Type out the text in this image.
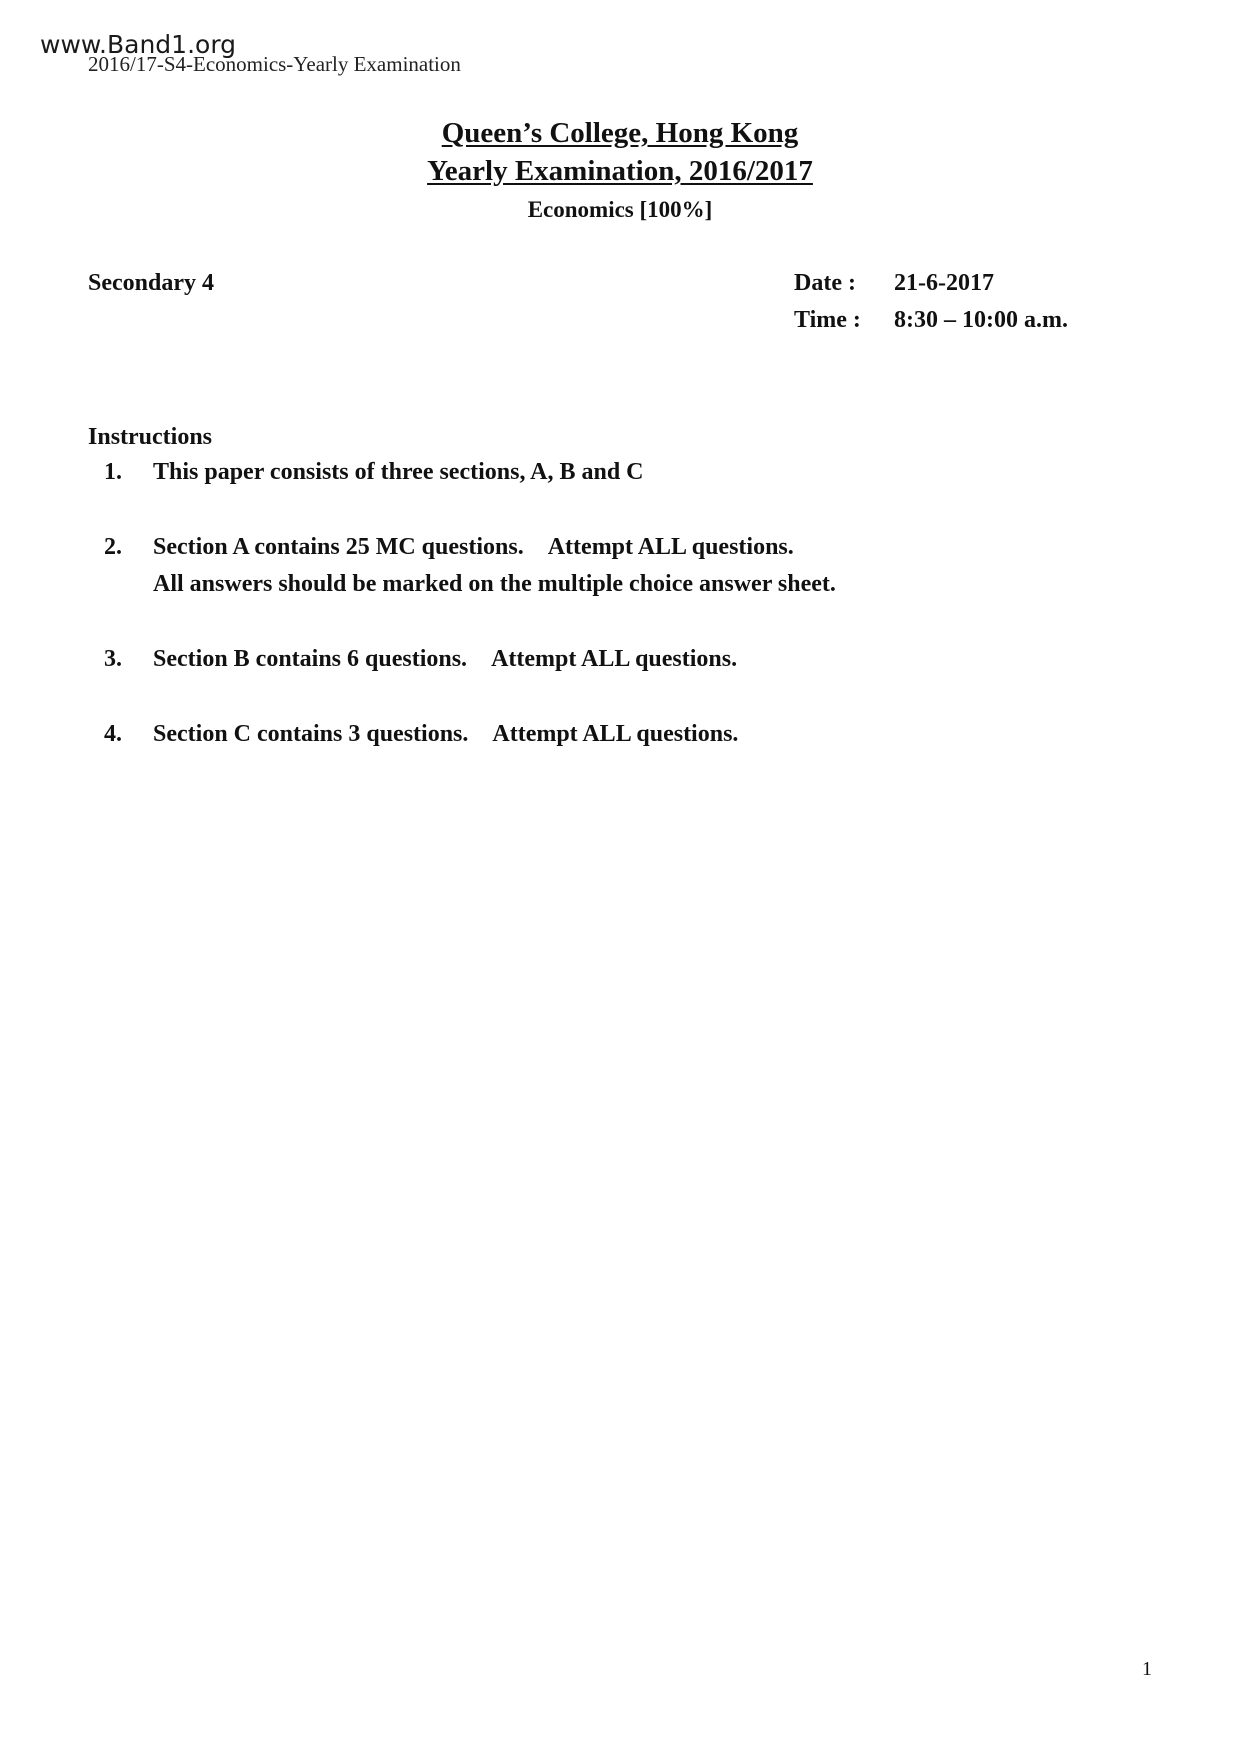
www.Band1.org
2016/17-S4-Economics-Yearly Examination
Queen’s College, Hong Kong
Yearly Examination, 2016/2017
Economics [100%]
Secondary 4	Date :	21-6-2017
Time :	8:30 – 10:00 a.m.
Instructions
1.	This paper consists of three sections, A, B and C
2.	Section A contains 25 MC questions. Attempt ALL questions.
All answers should be marked on the multiple choice answer sheet.
3.	Section B contains 6 questions. Attempt ALL questions.
4.	Section C contains 3 questions. Attempt ALL questions.
1
